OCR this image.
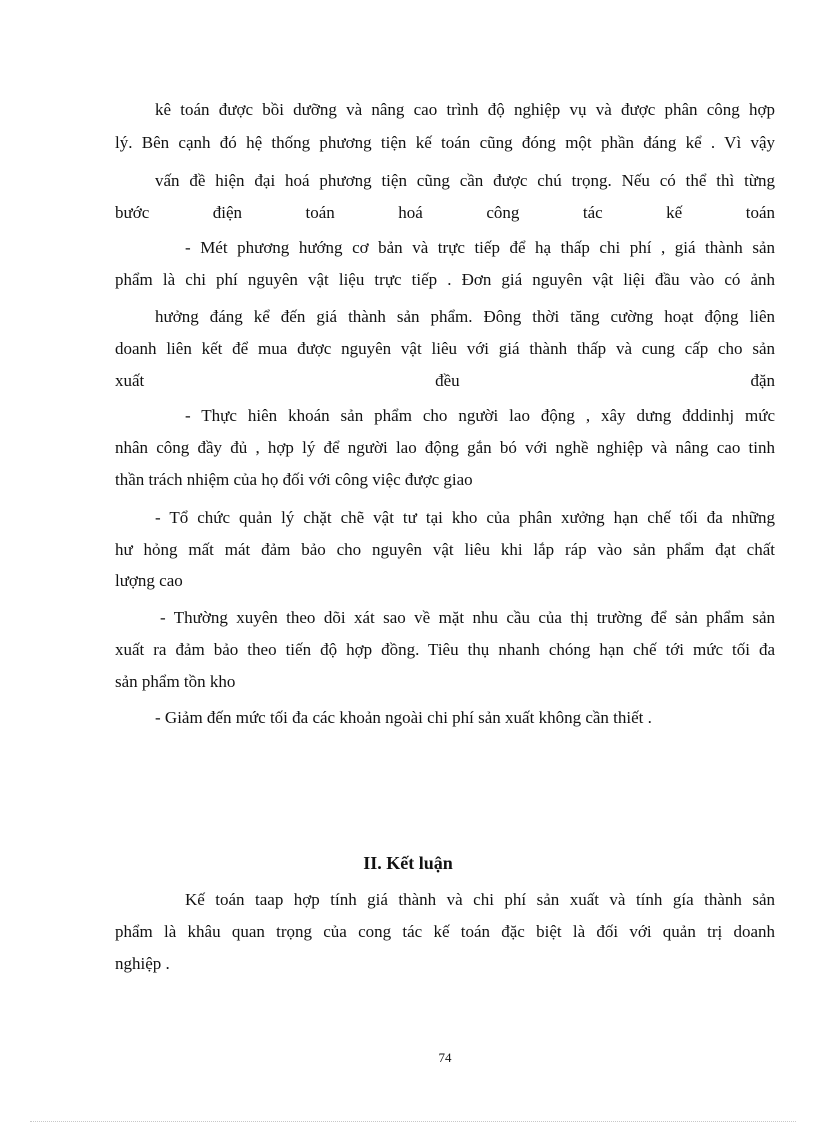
kê toán được bồi dưỡng và nâng cao trình độ nghiệp vụ và được phân công hợp
lý. Bên cạnh đó hệ thống phương tiện kế toán cũng đóng một phần đáng kể . Vì vậy
vấn đề hiện đại hoá phương tiện cũng cần được chú trọng. Nếu có thể thì từng
bước điện toán hoá công tác kế toán
- Mét phương hướng cơ bản và trực tiếp để hạ thấp chi phí , giá thành sản
phẩm là chi phí nguyên vật liệu trực tiếp . Đơn giá nguyên vật liệi đầu vào có ảnh
hưởng đáng kể đến giá thành sản phẩm. Đông thời tăng cường hoạt động liên
doanh liên kết để mua được nguyên vật liêu với giá thành thấp và cung cấp cho sản
xuất đều đặn
- Thực hiên khoán sản phẩm cho người lao động , xây dưng đddinhj mức
nhân công đầy đủ , hợp lý để người lao động gắn bó với nghề nghiệp và nâng cao tinh
thần trách nhiệm của họ đối với công việc được giao
- Tổ chức quản lý chặt chẽ vật tư tại kho của phân xưởng hạn chế tối đa những
hư hỏng mất mát đảm bảo cho nguyên vật liêu khi lắp ráp vào sản phẩm đạt chất
lượng cao
- Thường xuyên theo dõi xát sao về mặt nhu cầu của thị trường để sản phẩm sản
xuất ra đảm bảo theo tiến độ hợp đồng. Tiêu thụ nhanh chóng hạn chế tới mức tối đa
sản phẩm tồn kho
- Giảm đến mức tối đa các khoản ngoài chi phí sản xuất không cần thiết .
II. Kết luận
Kế toán taap hợp tính giá thành và chi phí sản xuất và tính gía thành sản
phẩm là khâu quan trọng của cong tác kế toán đặc biệt là đối với quản trị doanh
nghiệp .
74
